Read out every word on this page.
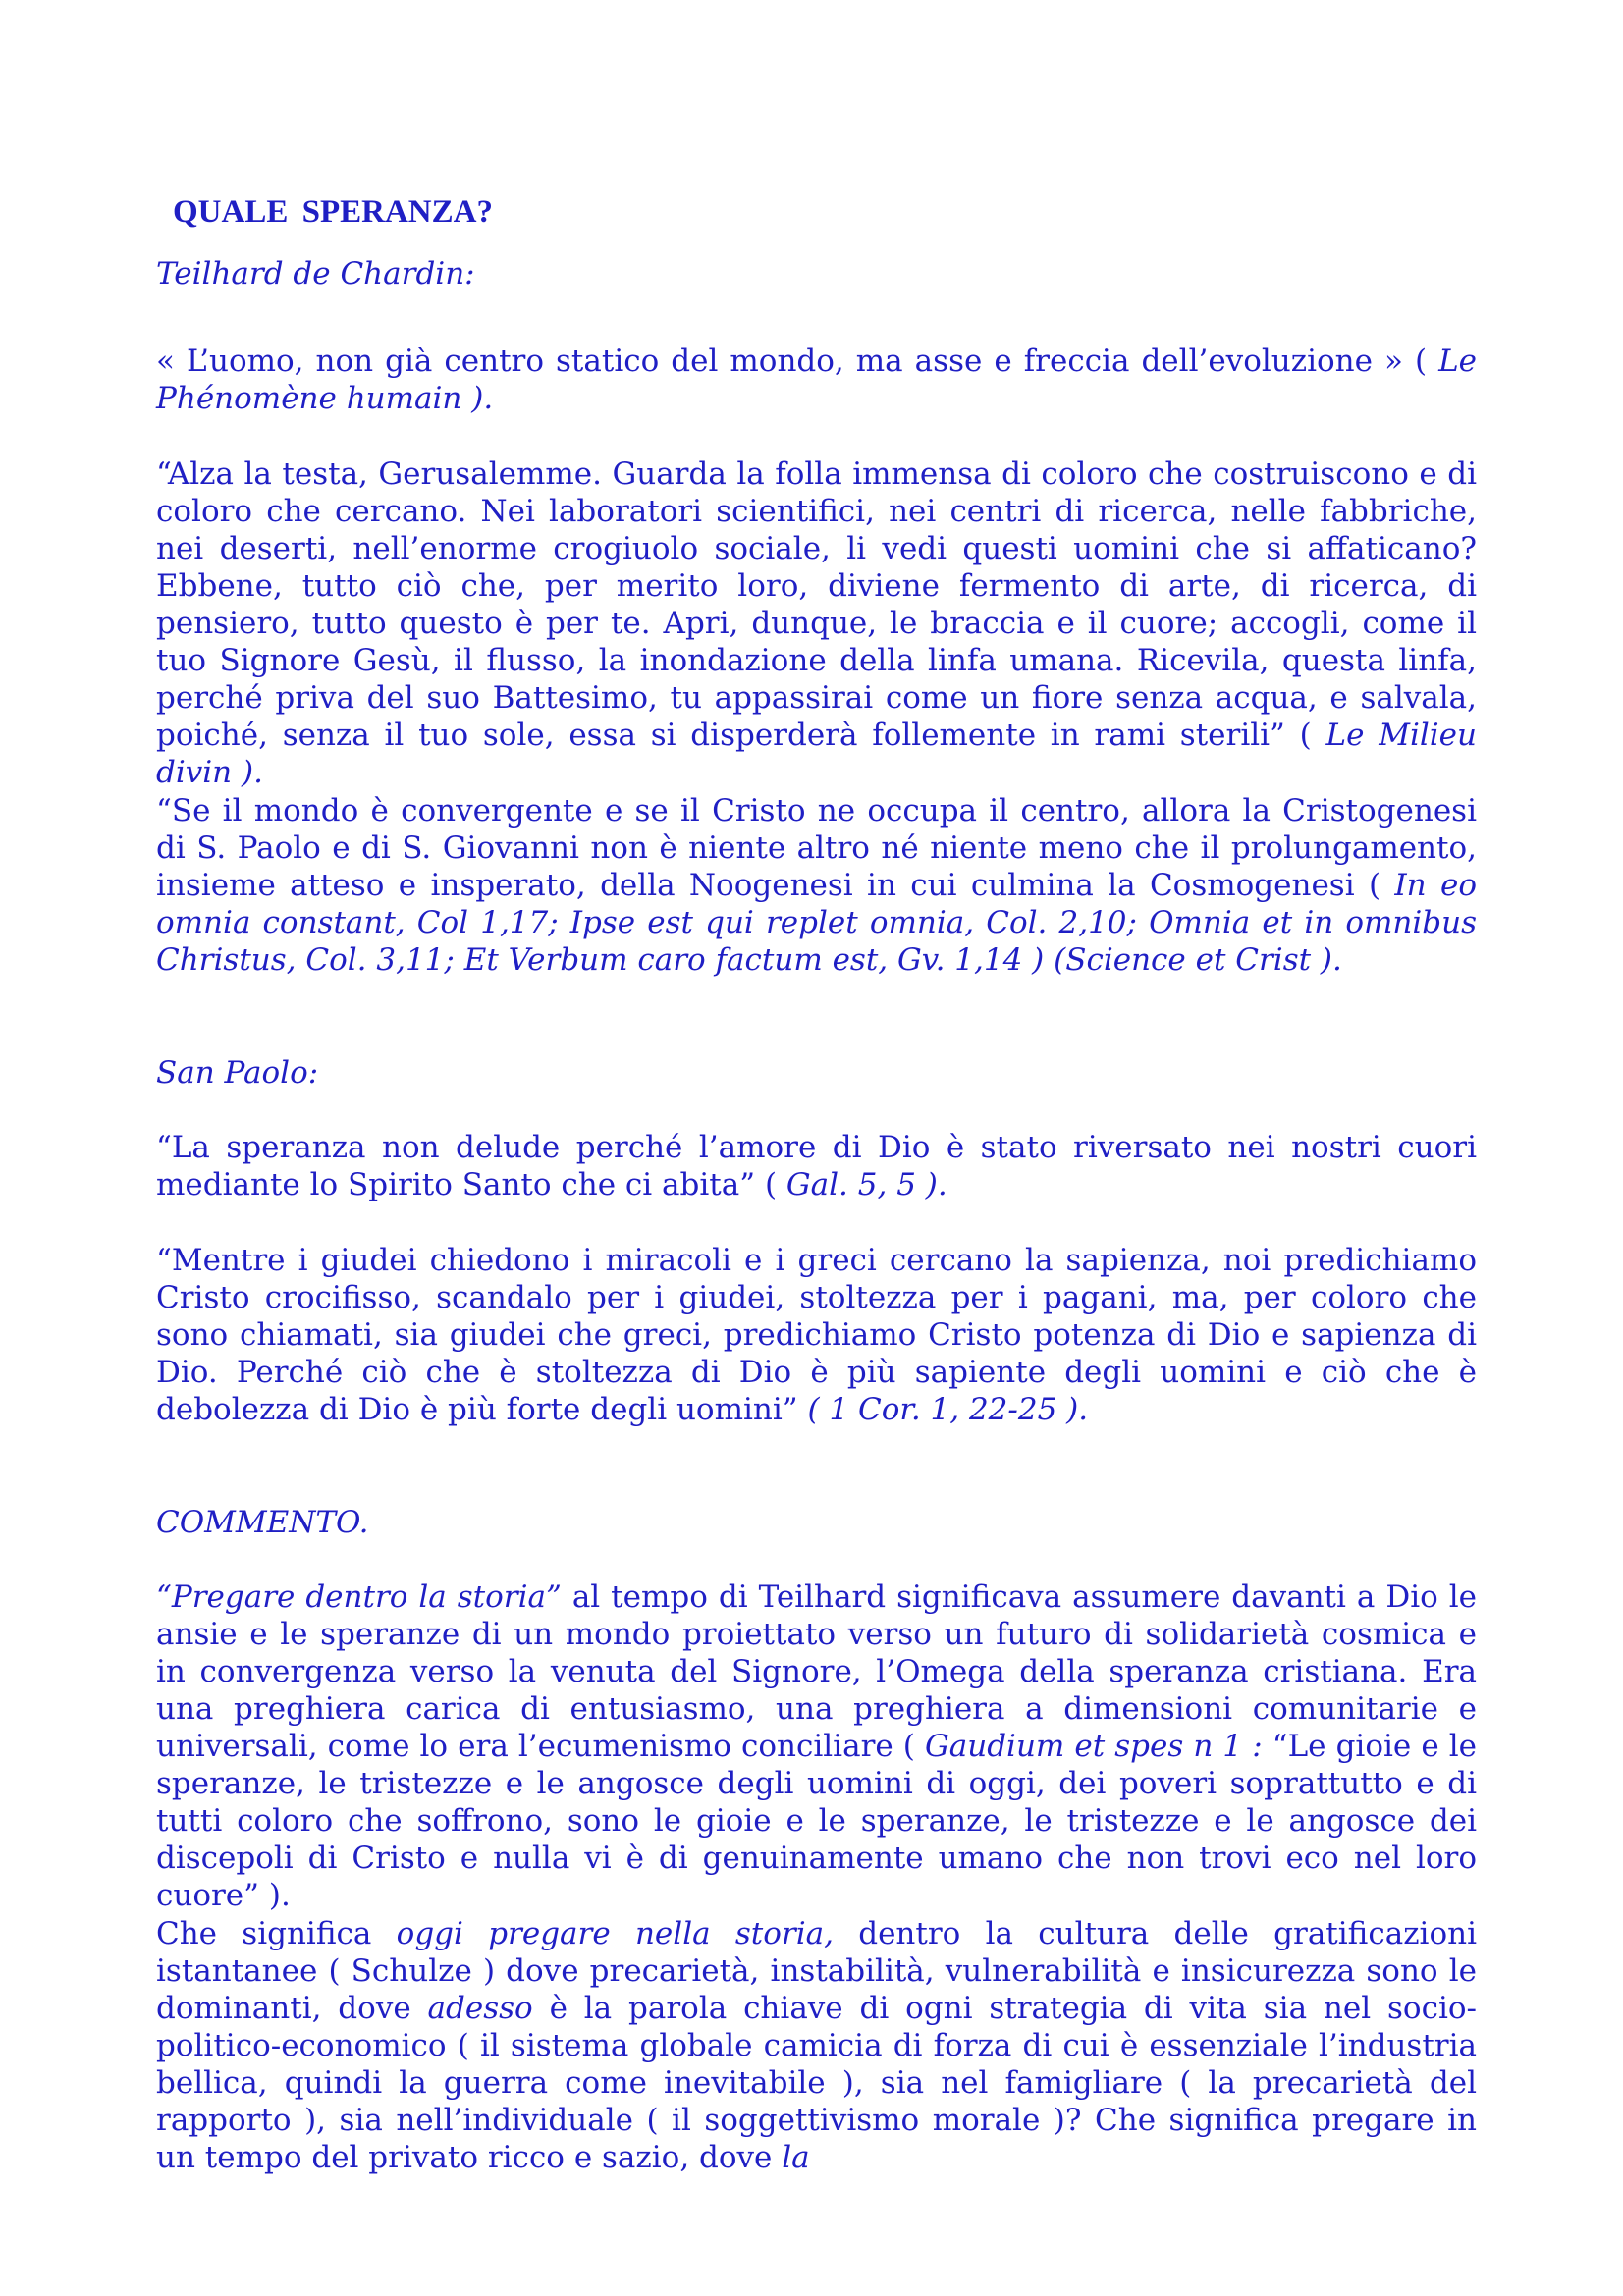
QUALE SPERANZA?

Teilhard de Chardin:

« L’uomo, non già centro statico del mondo, ma asse e freccia dell’evoluzione » ( Le Phénomène humain ).

“Alza la testa, Gerusalemme. Guarda la folla immensa di coloro che costruiscono e di coloro che cercano. Nei laboratori scientifici, nei centri di ricerca, nelle fabbriche, nei deserti, nell’enorme crogiuolo sociale, li vedi questi uomini che si affaticano? Ebbene, tutto ciò che, per merito loro, diviene fermento di arte, di ricerca, di pensiero, tutto questo è per te. Apri, dunque, le braccia e il cuore; accogli, come il tuo Signore Gesù, il flusso, la inondazione della linfa umana. Ricevila, questa linfa, perché priva del suo Battesimo, tu appassirai come un fiore senza acqua, e salvala, poiché, senza il tuo sole, essa si disperderà follemente in rami sterili” ( Le Milieu divin ).

“Se il mondo è convergente e se il Cristo ne occupa il centro, allora la Cristogenesi di S. Paolo e di S. Giovanni non è niente altro né niente meno che il prolungamento, insieme atteso e insperato, della Noogenesi in cui culmina la Cosmogenesi ( In eo omnia constant, Col 1,17; Ipse est qui replet omnia, Col. 2,10; Omnia et in omnibus Christus, Col. 3,11; Et Verbum caro factum est, Gv. 1,14 ) (Science et Crist ).

San Paolo:

“La speranza non delude perché l’amore di Dio è stato riversato nei nostri cuori mediante lo Spirito Santo che ci abita” ( Gal. 5, 5 ).

“Mentre i giudei chiedono i miracoli e i greci cercano la sapienza, noi predichiamo Cristo crocifisso, scandalo per i giudei, stoltezza per i pagani, ma, per coloro che sono chiamati, sia giudei che greci, predichiamo Cristo potenza di Dio e sapienza di Dio. Perché ciò che è stoltezza di Dio è più sapiente degli uomini e ciò che è debolezza di Dio è più forte degli uomini” ( 1 Cor. 1, 22-25 ).

COMMENTO.

“Pregare dentro la storia” al tempo di Teilhard significava assumere davanti a Dio le ansie e le speranze di un mondo proiettato verso un futuro di solidarietà cosmica e in convergenza verso la venuta del Signore, l’Omega della speranza cristiana. Era una preghiera carica di entusiasmo, una preghiera a dimensioni comunitarie e universali, come lo era l’ecumenismo conciliare ( Gaudium et spes n 1 : “Le gioie e le speranze, le tristezze e le angosce degli uomini di oggi, dei poveri soprattutto e di tutti coloro che soffrono, sono le gioie e le speranze, le tristezze e le angosce dei discepoli di Cristo e nulla vi è di genuinamente umano che non trovi eco nel loro cuore” ).

Che significa oggi pregare nella storia, dentro la cultura delle gratificazioni istantanee ( Schulze ) dove precarietà, instabilità, vulnerabilità e insicurezza sono le dominanti, dove adesso è la parola chiave di ogni strategia di vita sia nel socio-politico-economico ( il sistema globale camicia di forza di cui è essenziale l’industria bellica, quindi la guerra come inevitabile ), sia nel famigliare ( la precarietà del rapporto ), sia nell’individuale ( il soggettivismo morale )? Che significa pregare in un tempo del privato ricco e sazio, dove la
